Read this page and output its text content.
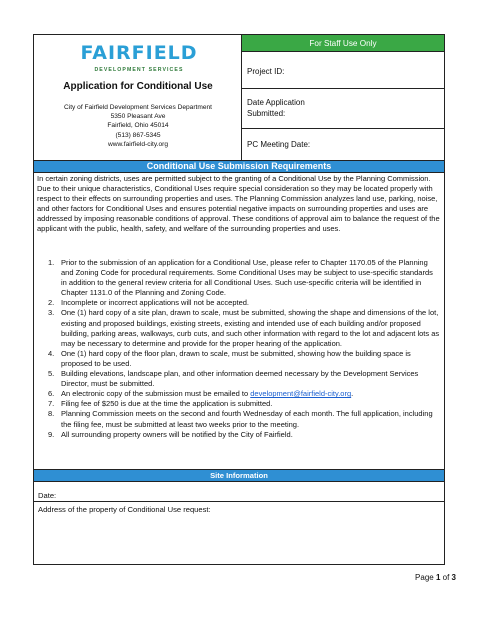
FAIRFIELD
DEVELOPMENT SERVICES
Application for Conditional Use
City of Fairfield Development Services Department
5350 Pleasant Ave
Fairfield, Ohio 45014
(513) 867-5345
www.fairfield-city.org
For Staff Use Only
Project ID:
Date Application
Submitted:
PC Meeting Date:
Conditional Use Submission Requirements
In certain zoning districts, uses are permitted subject to the granting of a Conditional Use by the Planning Commission. Due to their unique characteristics, Conditional Uses require special consideration so they may be located properly with respect to their effects on surrounding properties and uses. The Planning Commission analyzes land use, parking, noise, and other factors for Conditional Uses and ensures potential negative impacts on surrounding properties and uses are addressed by imposing reasonable conditions of approval. These conditions of approval aim to balance the request of the applicant with the public, health, safety, and welfare of the surrounding properties and uses.
1. Prior to the submission of an application for a Conditional Use, please refer to Chapter 1170.05 of the Planning and Zoning Code for procedural requirements. Some Conditional Uses may be subject to use-specific standards in addition to the general review criteria for all Conditional Uses. Such use-specific criteria will be identified in Chapter 1131.0 of the Planning and Zoning Code.
2. Incomplete or incorrect applications will not be accepted.
3. One (1) hard copy of a site plan, drawn to scale, must be submitted, showing the shape and dimensions of the lot, existing and proposed buildings, existing streets, existing and intended use of each building and/or proposed building, parking areas, walkways, curb cuts, and such other information with regard to the lot and adjacent lots as may be necessary to determine and provide for the proper hearing of the application.
4. One (1) hard copy of the floor plan, drawn to scale, must be submitted, showing how the building space is proposed to be used.
5. Building elevations, landscape plan, and other information deemed necessary by the Development Services Director, must be submitted.
6. An electronic copy of the submission must be emailed to development@fairfield-city.org.
7. Filing fee of $250 is due at the time the application is submitted.
8. Planning Commission meets on the second and fourth Wednesday of each month. The full application, including the filing fee, must be submitted at least two weeks prior to the meeting.
9. All surrounding property owners will be notified by the City of Fairfield.
Site Information
Date:
Address of the property of Conditional Use request:
Page 1 of 3
